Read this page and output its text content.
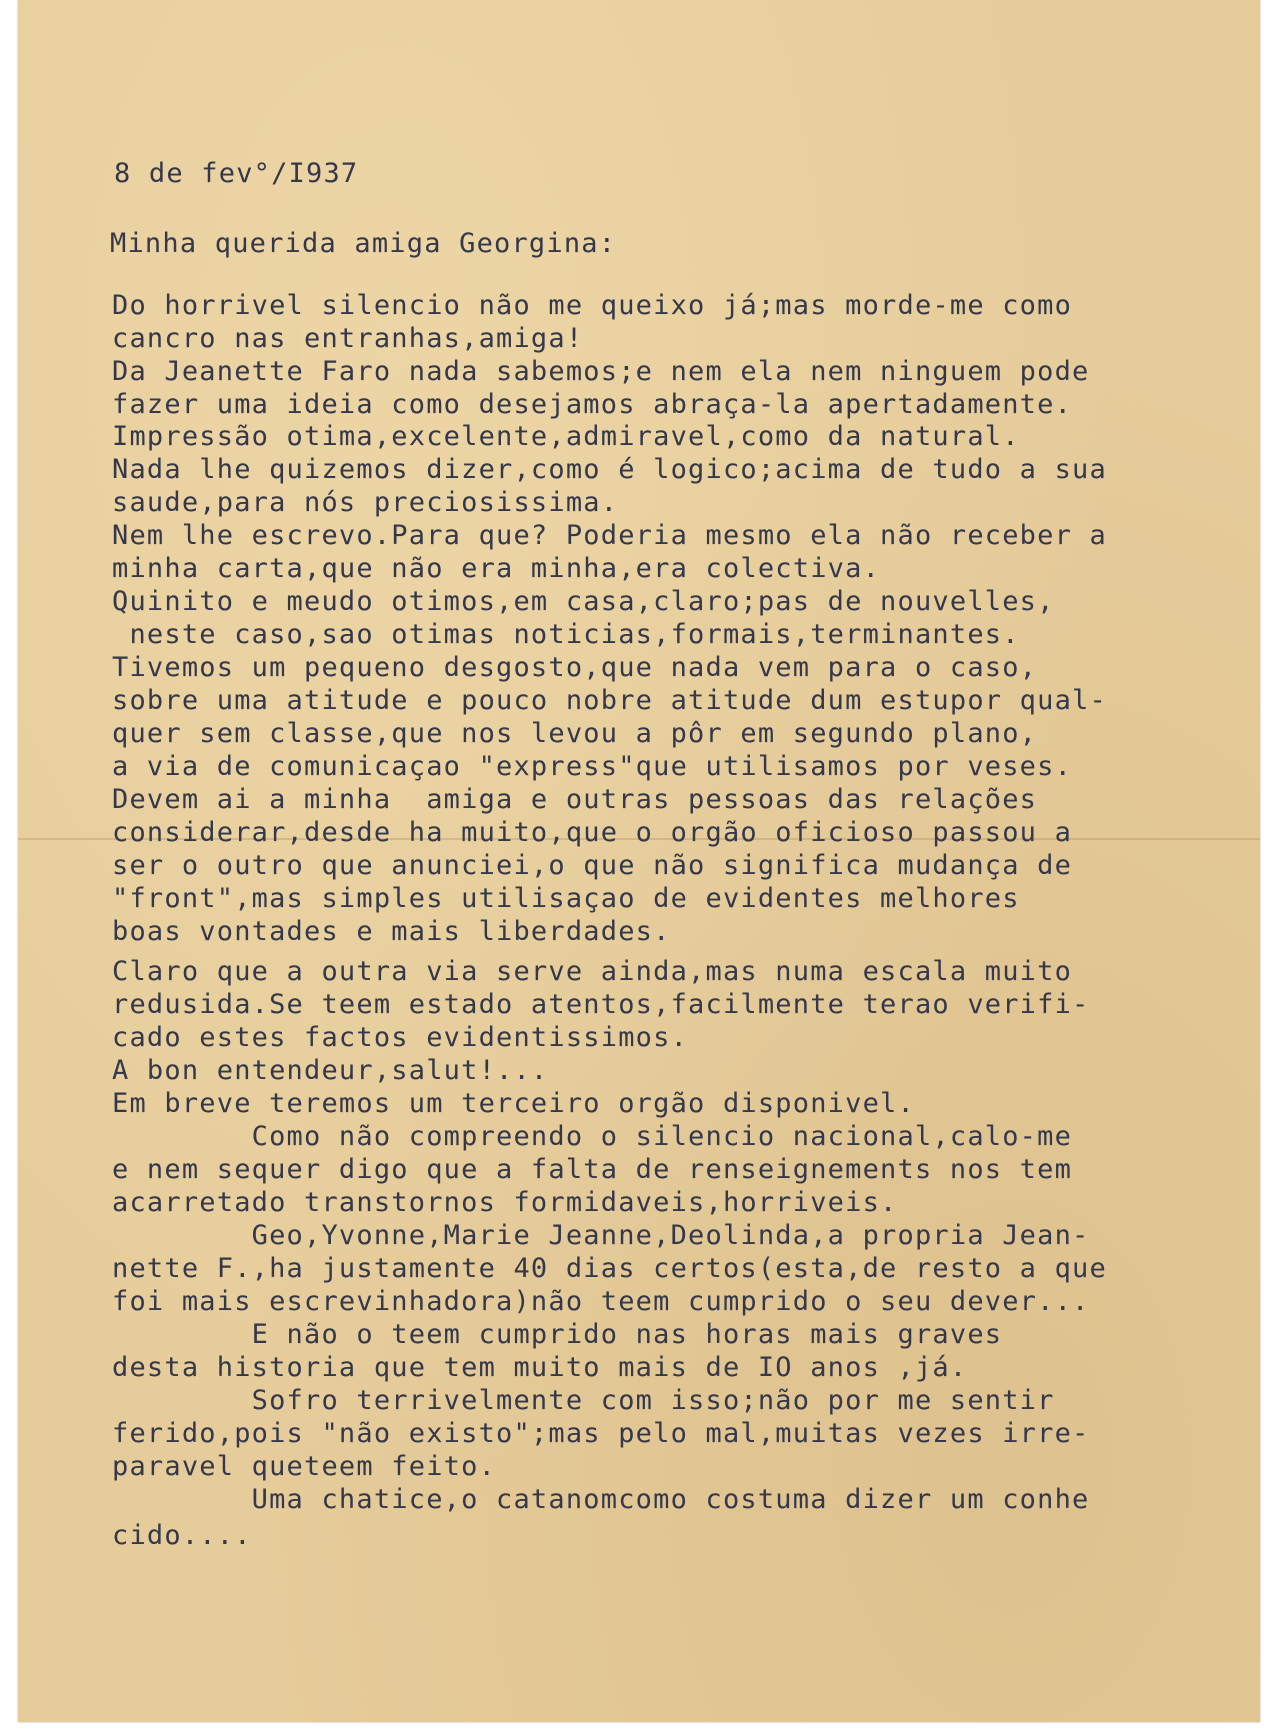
8 de fev°/I937
Minha querida amiga Georgina:
Do horrivel silencio não me queixo já;mas morde-me como
cancro nas entranhas,amiga!
Da Jeanette Faro nada sabemos;e nem ela nem ninguem pode
fazer uma ideia como desejamos abraça-la apertadamente.
Impressão otima,excelente,admiravel,como da natural.
Nada lhe quizemos dizer,como é logico;acima de tudo a sua
saude,para nós preciosissima.
Nem lhe escrevo.Para que? Poderia mesmo ela não receber a
minha carta,que não era minha,era colectiva.
Quinito e meudo otimos,em casa,claro;pas de nouvelles,
neste caso,sao otimas noticias,formais,terminantes.
Tivemos um pequeno desgosto,que nada vem para o caso,
sobre uma atitude e pouco nobre atitude dum estupor qual-
quer sem classe,que nos levou a pôr em segundo plano,
a via de comunicaçao "express"que utilisamos por veses.
Devem ai a minha  amiga e outras pessoas das relações
considerar,desde ha muito,que o orgão oficioso passou a
ser o outro que anunciei,o que não significa mudança de
"front",mas simples utilisaçao de evidentes melhores
boas vontades e mais liberdades.
Claro que a outra via serve ainda,mas numa escala muito
redusida.Se teem estado atentos,facilmente terao verifi-
cado estes factos evidentissimos.
A bon entendeur,salut!...
Em breve teremos um terceiro orgão disponivel.
Como não compreendo o silencio nacional,calo-me
e nem sequer digo que a falta de renseignements nos tem
acarretado transtornos formidaveis,horriveis.
Geo,Yvonne,Marie Jeanne,Deolinda,a propria Jean-
nette F.,ha justamente 40 dias certos(esta,de resto a que
foi mais escrevinhadora)não teem cumprido o seu dever...
E não o teem cumprido nas horas mais graves
desta historia que tem muito mais de IO anos ,já.
Sofro terrivelmente com isso;não por me sentir
ferido,pois "não existo";mas pelo mal,muitas vezes irre-
paravel queteem feito.
Uma chatice,o catanomcomo costuma dizer um conhe
cido....
